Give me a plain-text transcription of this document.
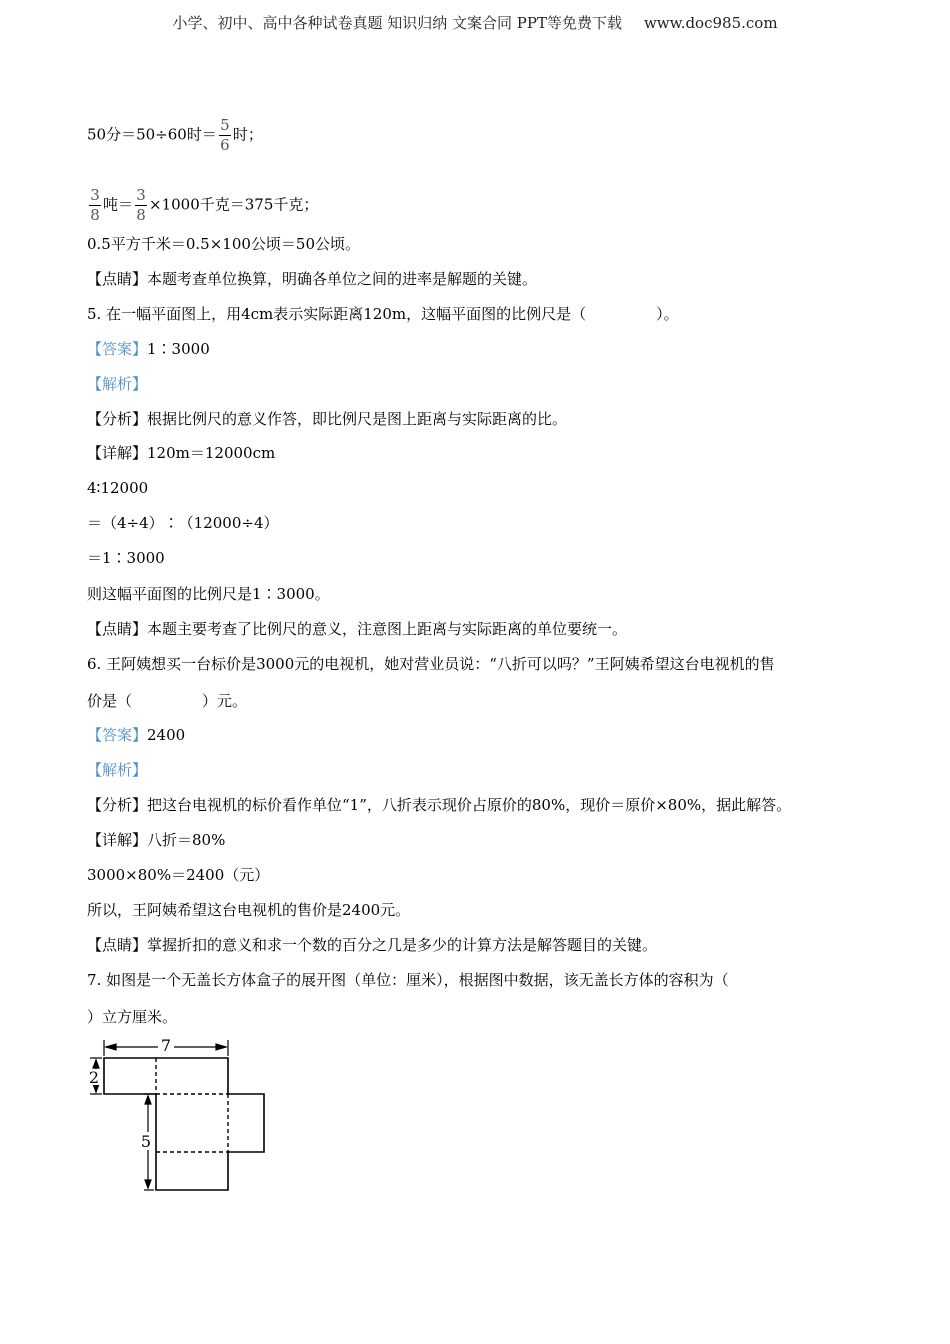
小学、初中、高中各种试卷真题 知识归纳 文案合同 PPT等免费下载 www.doc985.com
50分＝50÷60时＝ $\frac{5}{6}$ 时；
$\frac{3}{8}$ 吨＝ $\frac{3}{8} \times 1000$千克＝375千克；
0.5平方千米＝0.5×100公顷＝50公顷。
【点睛】本题考查单位换算，明确各单位之间的进率是解题的关键。
5. 在一幅平面图上，用4cm表示实际距离120m，这幅平面图的比例尺是（	）。
【答案】1∶3000
【解析】
【分析】根据比例尺的意义作答，即比例尺是图上距离与实际距离的比。
【详解】120m＝12000cm
4∶12000
＝（4÷4）∶（12000÷4）
＝1∶3000
则这幅平面图的比例尺是1∶3000。
【点睛】本题主要考查了比例尺的意义，注意图上距离与实际距离的单位要统一。
6. 王阿姨想买一台标价是3000元的电视机，她对营业员说：“八折可以吗？”王阿姨希望这台电视机的售
价是（	）元。
【答案】2400
【解析】
【分析】把这台电视机的标价看作单位“1”，八折表示现价占原价的80%，现价＝原价×80%，据此解答。
【详解】八折＝80%
3000×80%＝2400（元）
所以，王阿姨希望这台电视机的售价是2400元。
【点睛】掌握折扣的意义和求一个数的百分之几是多少的计算方法是解答题目的关键。
7. 如图是一个无盖长方体盒子的展开图（单位：厘米），根据图中数据，该无盖长方体的容积为（
）立方厘米。
7
2
5
